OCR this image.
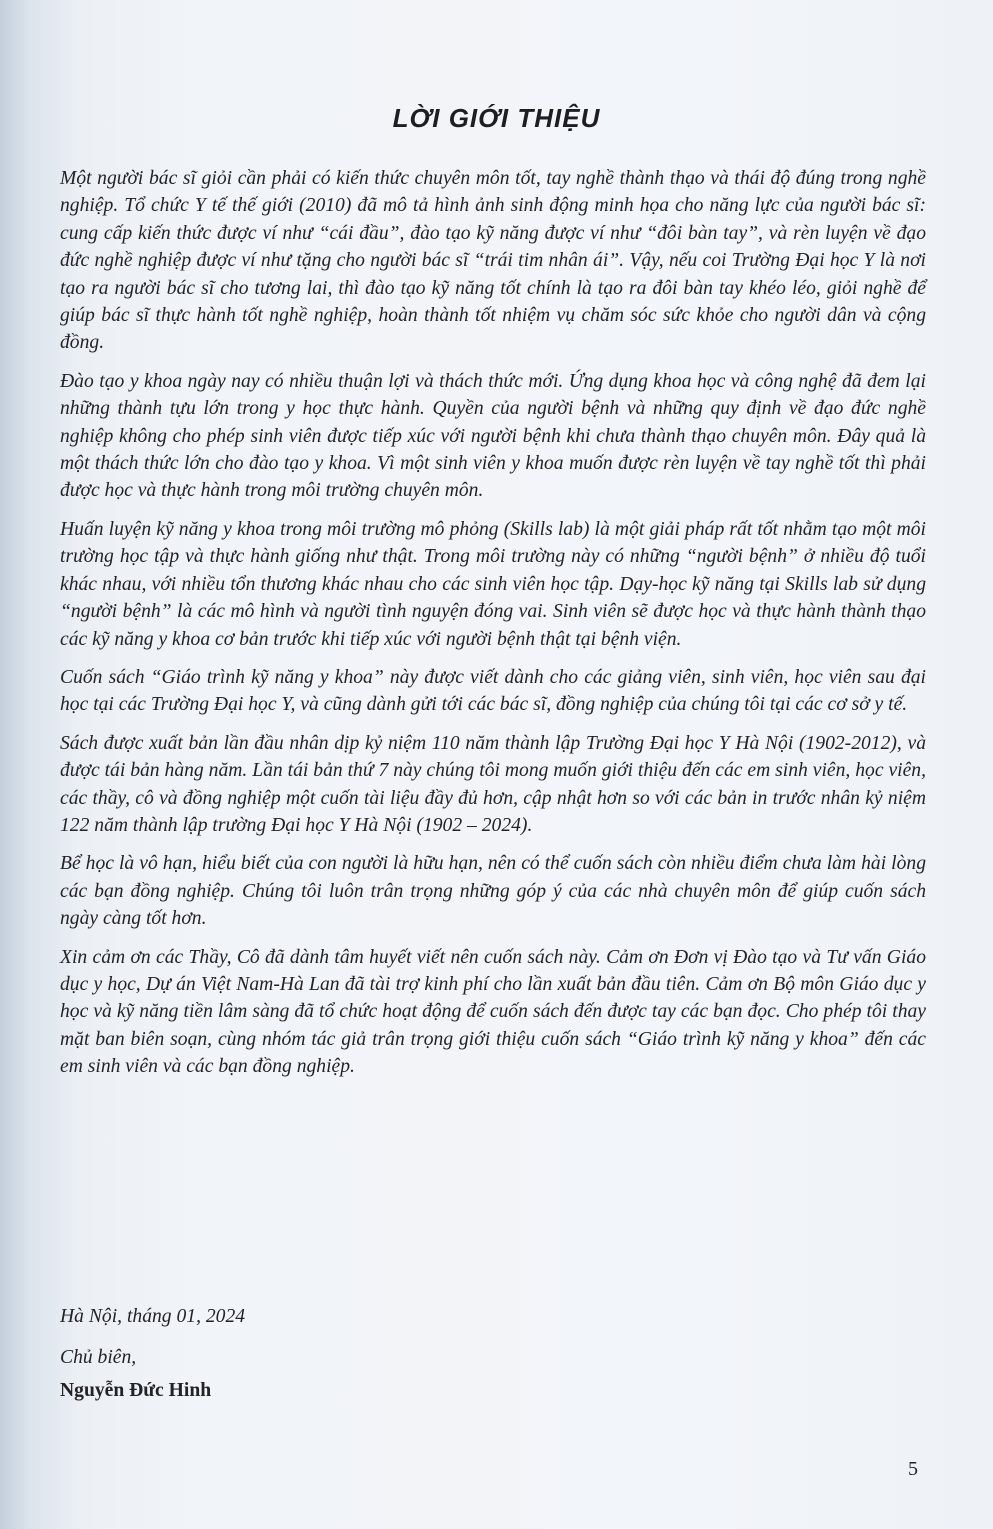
LỜI GIỚI THIỆU

Một người bác sĩ giỏi cần phải có kiến thức chuyên môn tốt, tay nghề thành thạo và thái độ đúng trong nghề nghiệp. Tổ chức Y tế thế giới (2010) đã mô tả hình ảnh sinh động minh họa cho năng lực của người bác sĩ: cung cấp kiến thức được ví như “cái đầu”, đào tạo kỹ năng được ví như “đôi bàn tay”, và rèn luyện về đạo đức nghề nghiệp được ví như tặng cho người bác sĩ “trái tim nhân ái”. Vậy, nếu coi Trường Đại học Y là nơi tạo ra người bác sĩ cho tương lai, thì đào tạo kỹ năng tốt chính là tạo ra đôi bàn tay khéo léo, giỏi nghề để giúp bác sĩ thực hành tốt nghề nghiệp, hoàn thành tốt nhiệm vụ chăm sóc sức khỏe cho người dân và cộng đồng.

Đào tạo y khoa ngày nay có nhiều thuận lợi và thách thức mới. Ứng dụng khoa học và công nghệ đã đem lại những thành tựu lớn trong y học thực hành. Quyền của người bệnh và những quy định về đạo đức nghề nghiệp không cho phép sinh viên được tiếp xúc với người bệnh khi chưa thành thạo chuyên môn. Đây quả là một thách thức lớn cho đào tạo y khoa. Vì một sinh viên y khoa muốn được rèn luyện về tay nghề tốt thì phải được học và thực hành trong môi trường chuyên môn.

Huấn luyện kỹ năng y khoa trong môi trường mô phỏng (Skills lab) là một giải pháp rất tốt nhằm tạo một môi trường học tập và thực hành giống như thật. Trong môi trường này có những “người bệnh” ở nhiều độ tuổi khác nhau, với nhiều tổn thương khác nhau cho các sinh viên học tập. Dạy-học kỹ năng tại Skills lab sử dụng “người bệnh” là các mô hình và người tình nguyện đóng vai. Sinh viên sẽ được học và thực hành thành thạo các kỹ năng y khoa cơ bản trước khi tiếp xúc với người bệnh thật tại bệnh viện.

Cuốn sách “Giáo trình kỹ năng y khoa” này được viết dành cho các giảng viên, sinh viên, học viên sau đại học tại các Trường Đại học Y, và cũng dành gửi tới các bác sĩ, đồng nghiệp của chúng tôi tại các cơ sở y tế.

Sách được xuất bản lần đầu nhân dịp kỷ niệm 110 năm thành lập Trường Đại học Y Hà Nội (1902-2012), và được tái bản hàng năm. Lần tái bản thứ 7 này chúng tôi mong muốn giới thiệu đến các em sinh viên, học viên, các thầy, cô và đồng nghiệp một cuốn tài liệu đầy đủ hơn, cập nhật hơn so với các bản in trước nhân kỷ niệm 122 năm thành lập trường Đại học Y Hà Nội (1902 – 2024).

Bể học là vô hạn, hiểu biết của con người là hữu hạn, nên có thể cuốn sách còn nhiều điểm chưa làm hài lòng các bạn đồng nghiệp. Chúng tôi luôn trân trọng những góp ý của các nhà chuyên môn để giúp cuốn sách ngày càng tốt hơn.

Xin cảm ơn các Thầy, Cô đã dành tâm huyết viết nên cuốn sách này. Cảm ơn Đơn vị Đào tạo và Tư vấn Giáo dục y học, Dự án Việt Nam-Hà Lan đã tài trợ kinh phí cho lần xuất bản đầu tiên. Cảm ơn Bộ môn Giáo dục y học và kỹ năng tiền lâm sàng đã tổ chức hoạt động để cuốn sách đến được tay các bạn đọc. Cho phép tôi thay mặt ban biên soạn, cùng nhóm tác giả trân trọng giới thiệu cuốn sách “Giáo trình kỹ năng y khoa” đến các em sinh viên và các bạn đồng nghiệp.

Hà Nội, tháng 01, 2024

Chủ biên,

Nguyễn Đức Hinh

5
